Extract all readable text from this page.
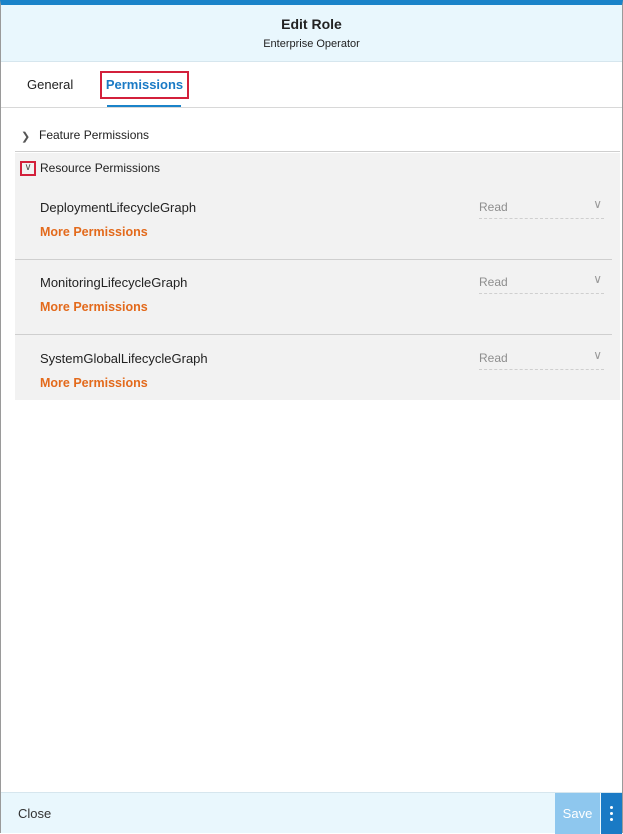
Edit Role
Enterprise Operator
General	Permissions
❯ Feature Permissions
∨ Resource Permissions
DeploymentLifecycleGraph
More Permissions
Read	∨
MonitoringLifecycleGraph
More Permissions
Read	∨
SystemGlobalLifecycleGraph
More Permissions
Read	∨
Close	Save
